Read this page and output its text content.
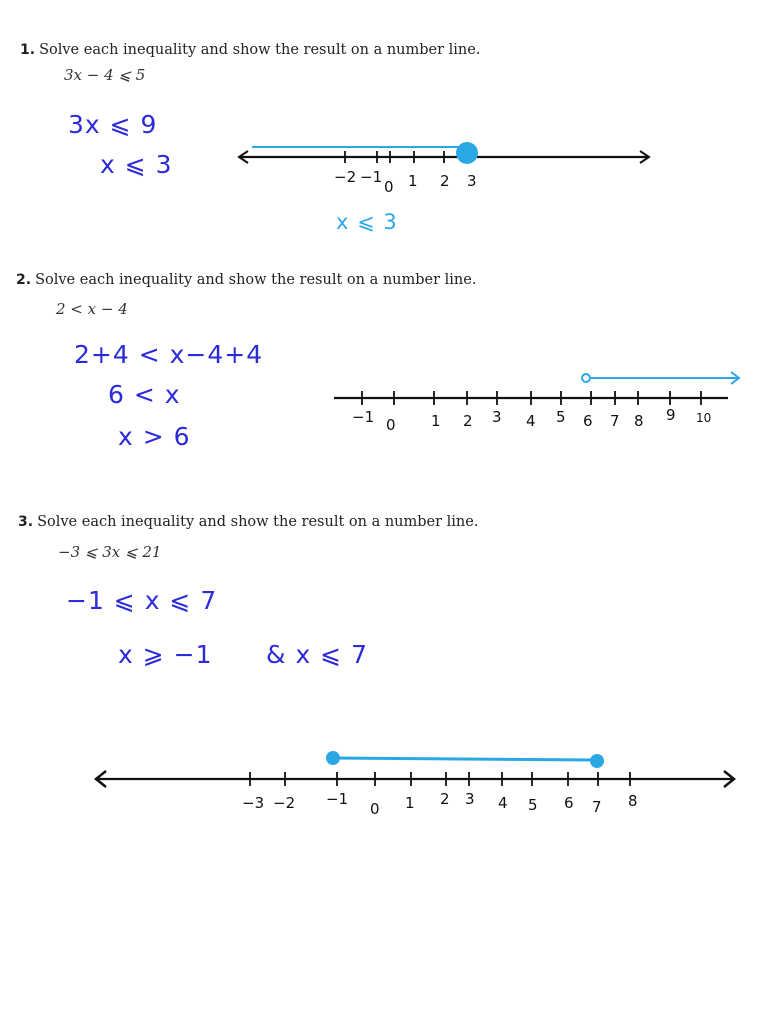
1. Solve each inequality and show the result on a number line.
3x − 4 ⩽ 5
3x ⩽ 9
x ⩽ 3
x ⩽ 3
2. Solve each inequality and show the result on a number line.
2 < x − 4
2+4 < x−4+4
6 < x
x > 6
3. Solve each inequality and show the result on a number line.
−3 ⩽ 3x ⩽ 21
−1 ⩽ x ⩽ 7
x ⩾ −1 & x ⩽ 7
−2 −1
0 1 2 3
−1 0 1 2 3 4 5 6 7 8 9 10
−3 −2 −1
0 1 2 3 4 5 6 7 8
